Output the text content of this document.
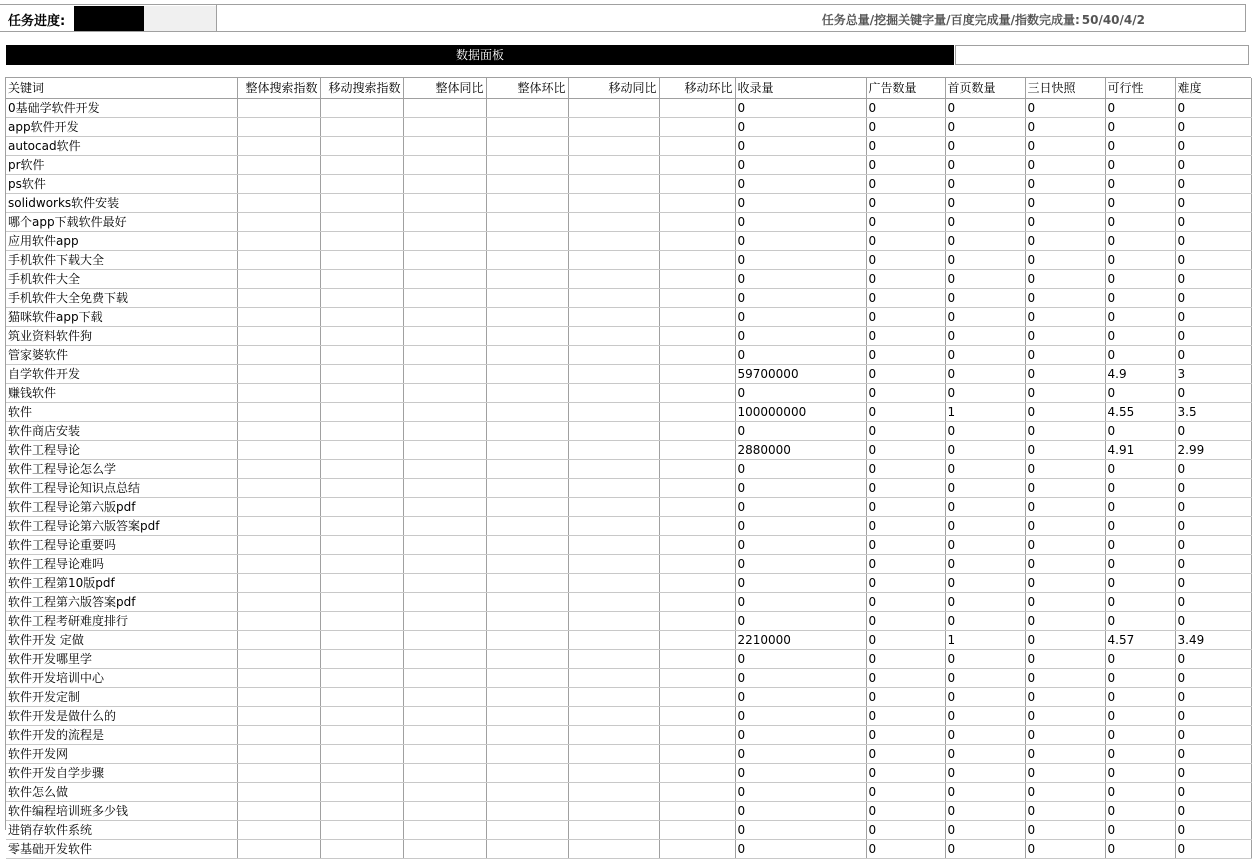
任务进度:	任务总量/挖掘关键字量/百度完成量/指数完成量: 50/40/4/2
数据面板
关键词	整体搜索指数	移动搜索指数	整体同比	整体环比	移动同比	移动环比	收录量	广告数量	首页数量	三日快照	可行性	难度
0基础学软件开发							0	0	0	0	0	0
app软件开发							0	0	0	0	0	0
autocad软件							0	0	0	0	0	0
pr软件							0	0	0	0	0	0
ps软件							0	0	0	0	0	0
solidworks软件安装							0	0	0	0	0	0
哪个app下载软件最好							0	0	0	0	0	0
应用软件app							0	0	0	0	0	0
手机软件下载大全							0	0	0	0	0	0
手机软件大全							0	0	0	0	0	0
手机软件大全免费下载							0	0	0	0	0	0
猫咪软件app下载							0	0	0	0	0	0
筑业资料软件狗							0	0	0	0	0	0
管家婆软件							0	0	0	0	0	0
自学软件开发							59700000	0	0	0	4.9	3
赚钱软件							0	0	0	0	0	0
软件							100000000	0	1	0	4.55	3.5
软件商店安装							0	0	0	0	0	0
软件工程导论							2880000	0	0	0	4.91	2.99
软件工程导论怎么学							0	0	0	0	0	0
软件工程导论知识点总结							0	0	0	0	0	0
软件工程导论第六版pdf							0	0	0	0	0	0
软件工程导论第六版答案pdf							0	0	0	0	0	0
软件工程导论重要吗							0	0	0	0	0	0
软件工程导论难吗							0	0	0	0	0	0
软件工程第10版pdf							0	0	0	0	0	0
软件工程第六版答案pdf							0	0	0	0	0	0
软件工程考研难度排行							0	0	0	0	0	0
软件开发 定做							2210000	0	1	0	4.57	3.49
软件开发哪里学							0	0	0	0	0	0
软件开发培训中心							0	0	0	0	0	0
软件开发定制							0	0	0	0	0	0
软件开发是做什么的							0	0	0	0	0	0
软件开发的流程是							0	0	0	0	0	0
软件开发网							0	0	0	0	0	0
软件开发自学步骤							0	0	0	0	0	0
软件怎么做							0	0	0	0	0	0
软件编程培训班多少钱							0	0	0	0	0	0
进销存软件系统							0	0	0	0	0	0
零基础开发软件							0	0	0	0	0	0
